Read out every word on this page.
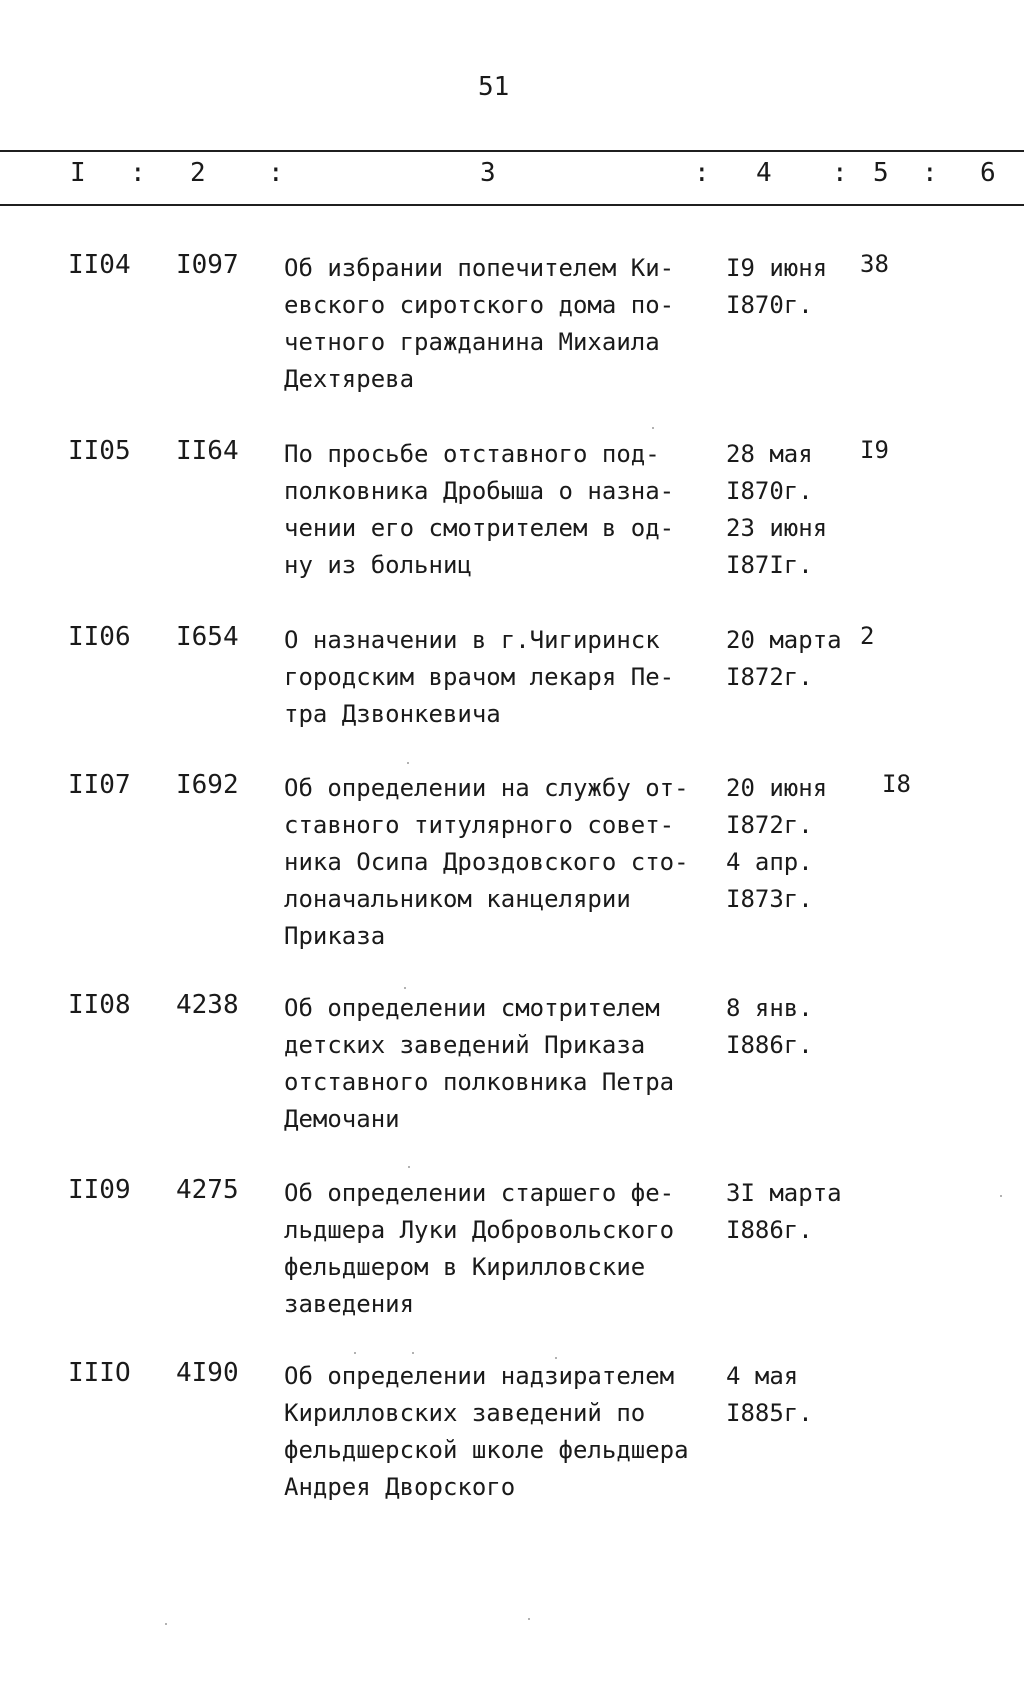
51
I : 2 :	3	: 4 : 5 : 6
II04 I097 Об избрании попечителем Ки-
евского сиротского дома по-
четного гражданина Михаила
Дехтярева
I9 июня
I870г.
38
II05 II64 По просьбе отставного под-
полковника Дробыша о назна-
чении его смотрителем в од-
ну из больниц
28 мая
I870г.
23 июня
I87Iг.
I9
II06 I654 О назначении в г.Чигиринск
городским врачом лекаря Пе-
тра Дзвонкевича
20 марта
I872г.
2
II07 I692 Об определении на службу от-
ставного титулярного совет-
ника Осипа Дроздовского сто-
лоначальником канцелярии
Приказа
20 июня
I872г.
4 апр.
I873г.
I8
II08 4238 Об определении смотрителем
детских заведений Приказа
отставного полковника Петра
Демочани
8 янв.
I886г.
II09 4275 Об определении старшего фе-
льдшера Луки Добровольского
фельдшером в Кирилловские
заведения
3I марта
I886г.
IIIO 4I90 Об определении надзирателем
Кирилловских заведений по
фельдшерской школе фельдшера
Андрея Дворского
4 мая
I885г.
